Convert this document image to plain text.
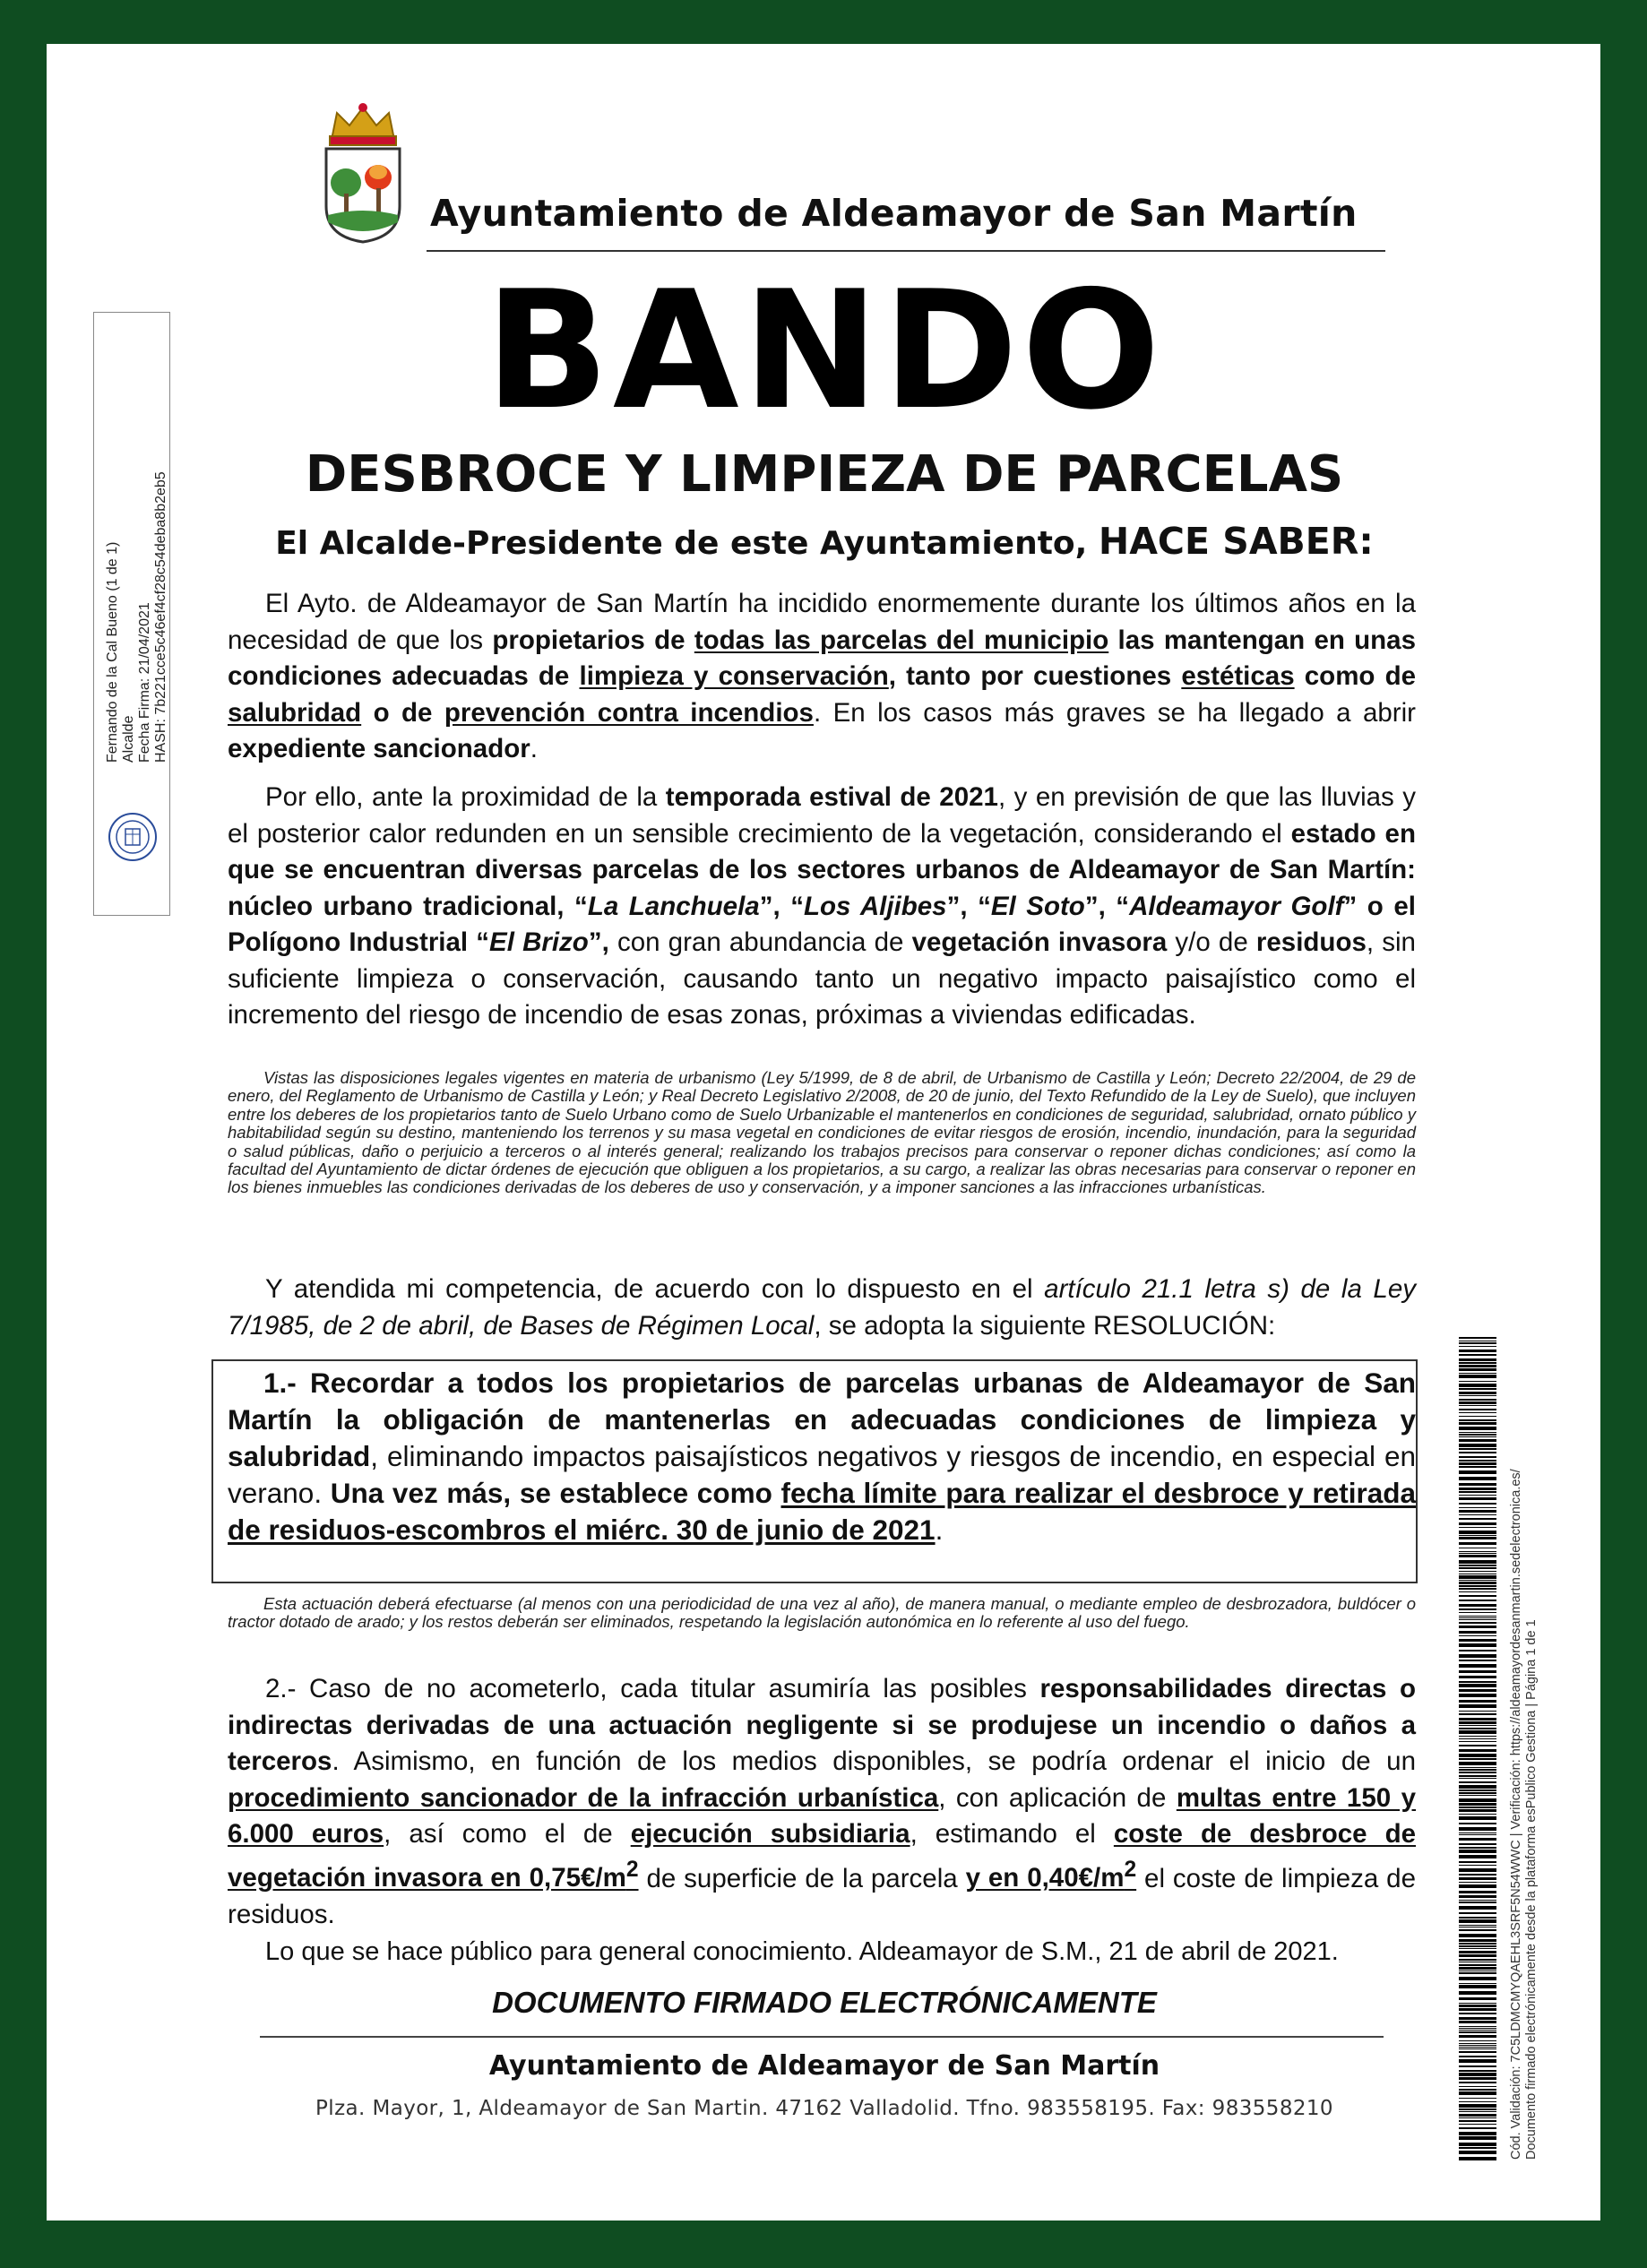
Ayuntamiento de Aldeamayor de San Martín
BANDO
DESBROCE Y LIMPIEZA DE PARCELAS
El Alcalde-Presidente de este Ayuntamiento, HACE SABER:
Fernando de la Cal Bueno (1 de 1) Alcalde Fecha Firma: 21/04/2021 HASH: 7b221cce5c46ef4cf28c54deba8b2eb5	El Ayto. de Aldeamayor de San Martín ha incidido enormemente durante los últimos años en la necesidad de que los propietarios de todas las parcelas del municipio las mantengan en unas condiciones adecuadas de limpieza y conservación, tanto por cuestiones estéticas como de salubridad o de prevención contra incendios. En los casos más graves se ha llegado a abrir expediente sancionador.
Por ello, ante la proximidad de la temporada estival de 2021, y en previsión de que las lluvias y el posterior calor redunden en un sensible crecimiento de la vegetación, considerando el estado en que se encuentran diversas parcelas de los sectores urbanos de Aldeamayor de San Martín: núcleo urbano tradicional, “La Lanchuela”, “Los Aljibes”, “El Soto”, “Aldeamayor Golf” o el Polígono Industrial “El Brizo”, con gran abundancia de vegetación invasora y/o de residuos, sin suficiente limpieza o conservación, causando tanto un negativo impacto paisajístico como el incremento del riesgo de incendio de esas zonas, próximas a viviendas edificadas.
Vistas las disposiciones legales vigentes en materia de urbanismo (Ley 5/1999, de 8 de abril, de Urbanismo de Castilla y León; Decreto 22/2004, de 29 de enero, del Reglamento de Urbanismo de Castilla y León; y Real Decreto Legislativo 2/2008, de 20 de junio, del Texto Refundido de la Ley de Suelo), que incluyen entre los deberes de los propietarios tanto de Suelo Urbano como de Suelo Urbanizable el mantenerlos en condiciones de seguridad, salubridad, ornato público y habitabilidad según su destino, manteniendo los terrenos y su masa vegetal en condiciones de evitar riesgos de erosión, incendio, inundación, para la seguridad o salud públicas, daño o perjuicio a terceros o al interés general; realizando los trabajos precisos para conservar o reponer dichas condiciones; así como la facultad del Ayuntamiento de dictar órdenes de ejecución que obliguen a los propietarios, a su cargo, a realizar las obras necesarias para conservar o reponer en los bienes inmuebles las condiciones derivadas de los deberes de uso y conservación, y a imponer sanciones a las infracciones urbanísticas.
Y atendida mi competencia, de acuerdo con lo dispuesto en el artículo 21.1 letra s) de la Ley 7/1985, de 2 de abril, de Bases de Régimen Local, se adopta la siguiente RESOLUCIÓN:
1.- Recordar a todos los propietarios de parcelas urbanas de Aldeamayor de San Martín la obligación de mantenerlas en adecuadas condiciones de limpieza y salubridad, eliminando impactos paisajísticos negativos y riesgos de incendio, en especial en verano. Una vez más, se establece como fecha límite para realizar el desbroce y retirada de residuos-escombros el miérc. 30 de junio de 2021.
Esta actuación deberá efectuarse (al menos con una periodicidad de una vez al año), de manera manual, o mediante empleo de desbrozadora, buldócer o tractor dotado de arado; y los restos deberán ser eliminados, respetando la legislación autonómica en lo referente al uso del fuego.
2.- Caso de no acometerlo, cada titular asumiría las posibles responsabilidades directas o indirectas derivadas de una actuación negligente si se produjese un incendio o daños a terceros. Asimismo, en función de los medios disponibles, se podría ordenar el inicio de un procedimiento sancionador de la infracción urbanística, con aplicación de multas entre 150 y 6.000 euros, así como el de ejecución subsidiaria, estimando el coste de desbroce de vegetación invasora en $0,75€/m^2$ de superficie de la parcela y en $0,40€/m^2$ el coste de limpieza de residuos.
Lo que se hace público para general conocimiento. Aldeamayor de S.M., 21 de abril de 2021.
DOCUMENTO FIRMADO ELECTRÓNICAMENTE
Ayuntamiento de Aldeamayor de San Martín
Plza. Mayor, 1, Aldeamayor de San Martin. 47162 Valladolid. Tfno. 983558195. Fax: 983558210	Cód. Validación: 7C5LDMCMYQAEHL3SRF5N54WWC | Verificación: https://aldeamayordesanmartin.sedelectronica.es/ Documento firmado electrónicamente desde la plataforma esPublico Gestiona | Página 1 de 1
